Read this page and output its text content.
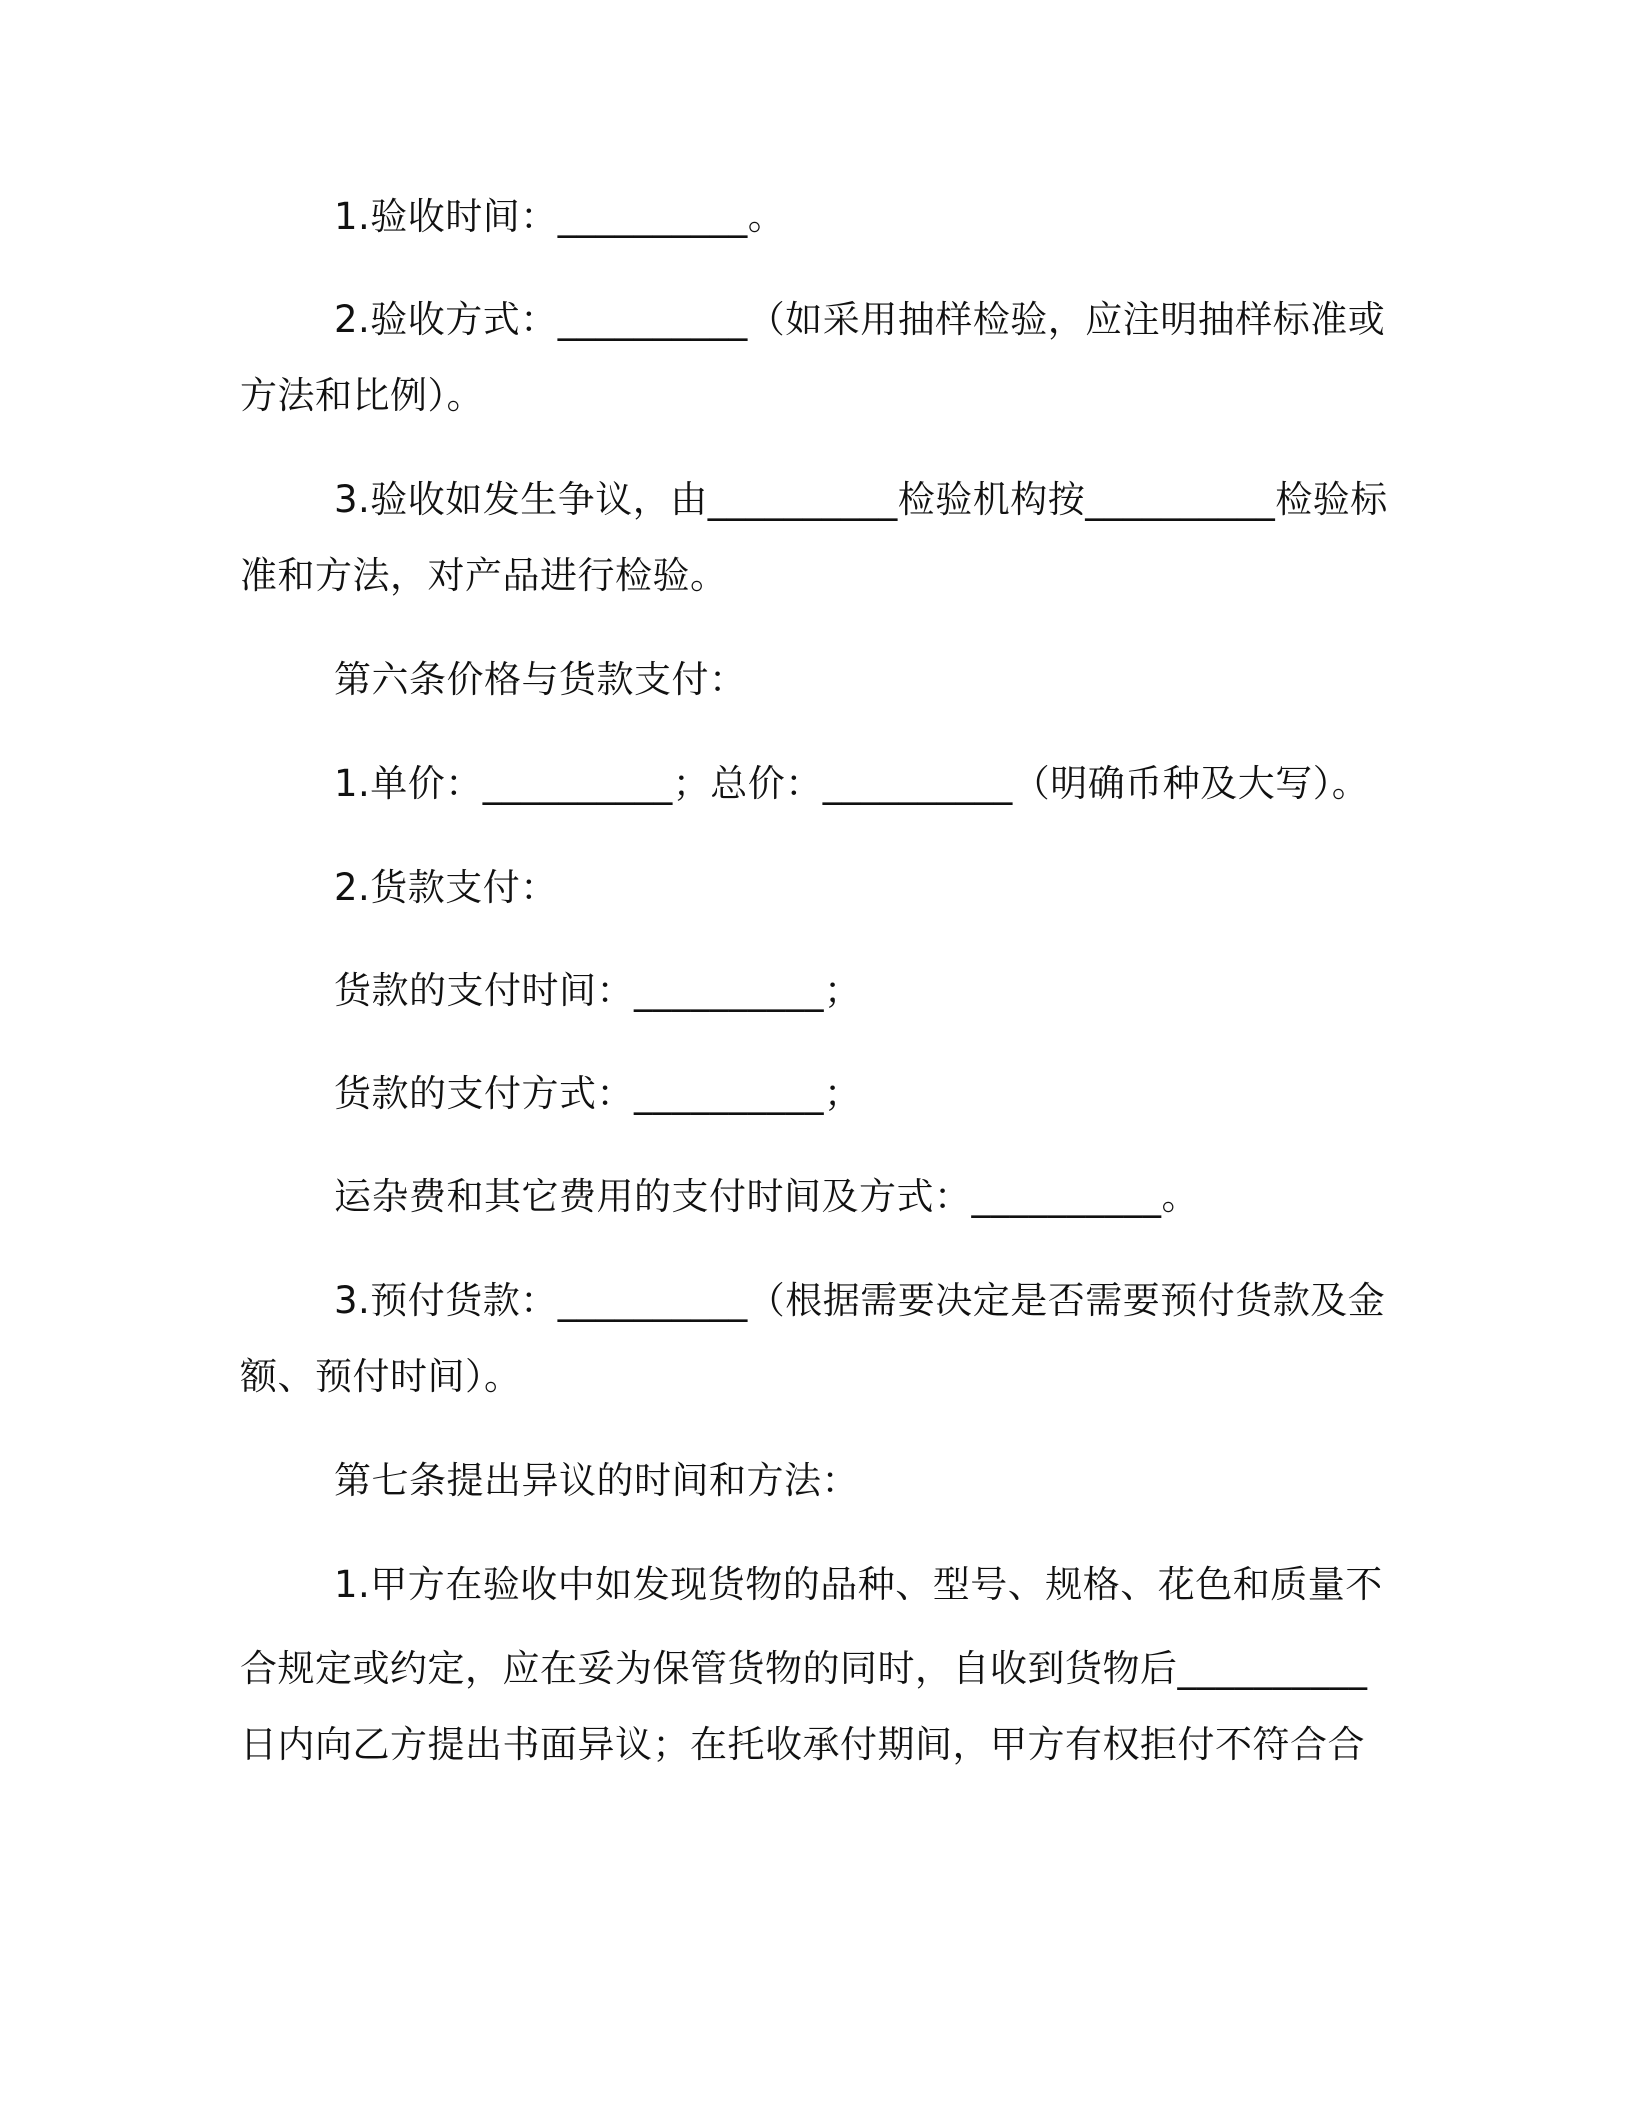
1.验收时间：__________。
2.验收方式：__________（如采用抽样检验，应注明抽样标准或
方法和比例）。
3.验收如发生争议，由__________检验机构按__________检验标
准和方法，对产品进行检验。
第六条价格与货款支付：
1.单价：__________；总价：__________（明确币种及大写）。
2.货款支付：
货款的支付时间：__________；
货款的支付方式：__________；
运杂费和其它费用的支付时间及方式：__________。
3.预付货款：__________（根据需要决定是否需要预付货款及金
额、预付时间）。
第七条提出异议的时间和方法：
1.甲方在验收中如发现货物的品种、型号、规格、花色和质量不
合规定或约定，应在妥为保管货物的同时，自收到货物后__________
日内向乙方提出书面异议；在托收承付期间，甲方有权拒付不符合合
